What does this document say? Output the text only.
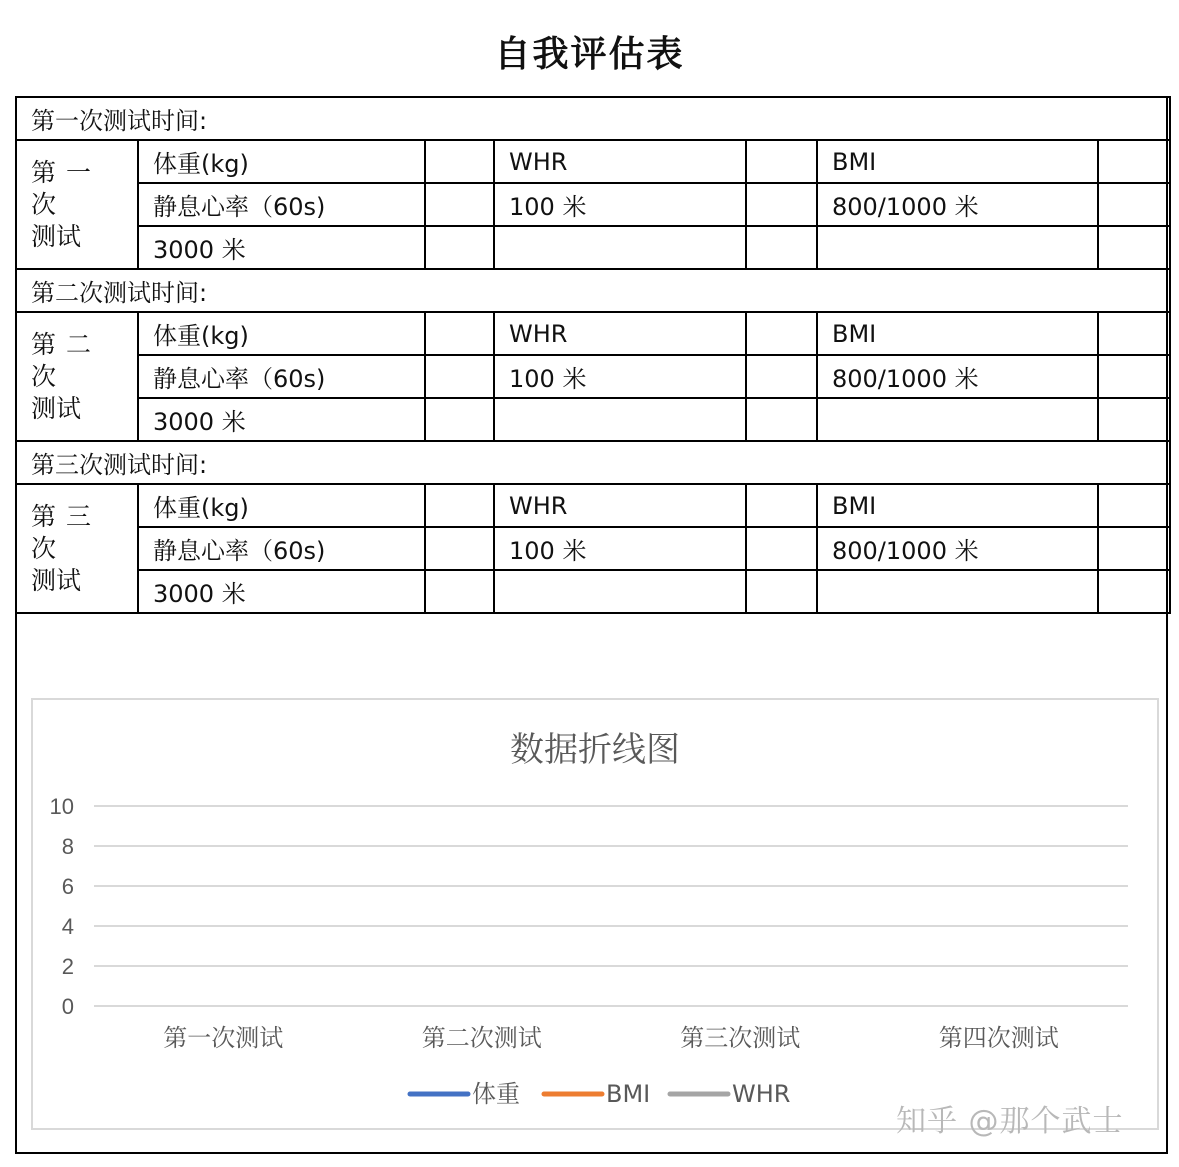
自我评估表
第一次测试时间:						

第一次
测试	体重(kg)		WHR		BMI	
	静息心率（60s)		100 米		800/1000 米	
	3000 米					
第二次测试时间:						

第二次
测试	体重(kg)		WHR		BMI	
	静息心率（60s)		100 米		800/1000 米	
	3000 米					
第三次测试时间:						

第三次
测试	体重(kg)		WHR		BMI	
	静息心率（60s)		100 米		800/1000 米	
	3000 米					
数据折线图
0
2
4
6
8
10
第一次测试	第二次测试	第三次测试	第四次测试
体重	BMI	WHR
知乎 @那个武士
